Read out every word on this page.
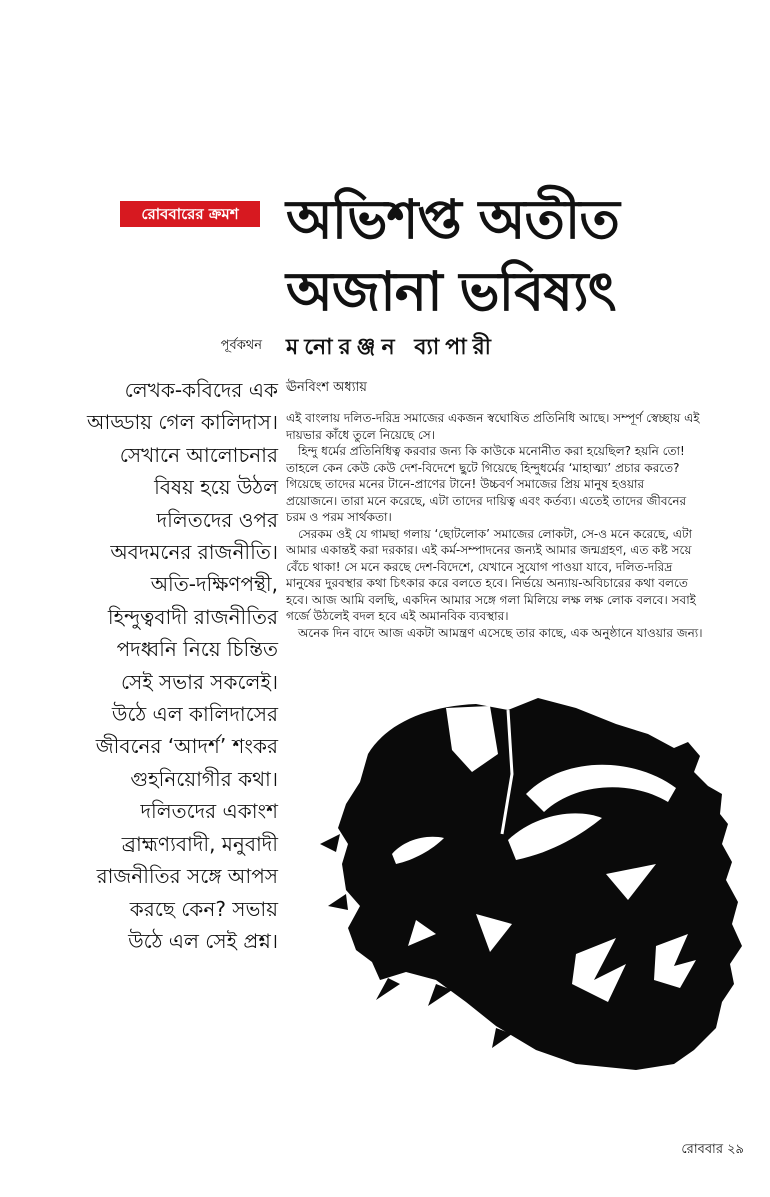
রোববারের ক্রমশ অভিশপ্ত অতীত
অজানা ভবিষ্যৎ
পূর্বকথন মনোরঞ্জন ব্যাপারী
লেখক-কবিদের এক
আড্ডায় গেল কালিদাস।
সেখানে আলোচনার
বিষয় হয়ে উঠল
দলিতদের ওপর
অবদমনের রাজনীতি।
অতি-দক্ষিণপন্থী,
হিন্দুত্ববাদী রাজনীতির
পদধ্বনি নিয়ে চিন্তিত
সেই সভার সকলেই।
উঠে এল কালিদাসের
জীবনের ‘আদর্শ’ শংকর
গুহনিয়োগীর কথা।
দলিতদের একাংশ
ব্রাহ্মণ্যবাদী, মনুবাদী
রাজনীতির সঙ্গে আপস
করছে কেন? সভায়
উঠে এল সেই প্রশ্ন।
ঊনবিংশ অধ্যায়
এই বাংলায় দলিত-দরিদ্র সমাজের একজন স্বঘোষিত প্রতিনিধি আছে। সম্পূর্ণ স্বেচ্ছায় এই
দায়ভার কাঁধে তুলে নিয়েছে সে।
হিন্দু ধর্মের প্রতিনিধিত্ব করবার জন্য কি কাউকে মনোনীত করা হয়েছিল? হয়নি তো!
তাহলে কেন কেউ কেউ দেশ-বিদেশে ছুটে গিয়েছে হিন্দুধর্মের ‘মাহাত্ম্য’ প্রচার করতে?
গিয়েছে তাদের মনের টানে-প্রাণের টানে! উচ্চবর্ণ সমাজের প্রিয় মানুষ হওয়ার
প্রয়োজনে। তারা মনে করেছে, এটা তাদের দায়িত্ব এবং কর্তব্য। এতেই তাদের জীবনের
চরম ও পরম সার্থকতা।
সেরকম ওই যে গামছা গলায় ‘ছোটলোক’ সমাজের লোকটা, সে-ও মনে করেছে, এটা
আমার একান্তই করা দরকার। এই কর্ম-সম্পাদনের জন্যই আমার জন্মগ্রহণ, এত কষ্ট সয়ে
বেঁচে থাকা! সে মনে করছে দেশ-বিদেশে, যেখানে সুযোগ পাওয়া যাবে, দলিত-দরিদ্র
মানুষের দুরবস্থার কথা চিৎকার করে বলতে হবে। নির্ভয়ে অন্যায়-অবিচারের কথা বলতে
হবে। আজ আমি বলছি, একদিন আমার সঙ্গে গলা মিলিয়ে লক্ষ লক্ষ লোক বলবে। সবাই
গর্জে উঠলেই বদল হবে এই অমানবিক ব্যবস্থার।
অনেক দিন বাদে আজ একটা আমন্ত্রণ এসেছে তার কাছে, এক অনুষ্ঠানে যাওয়ার জন্য।
রোববার ২৯
